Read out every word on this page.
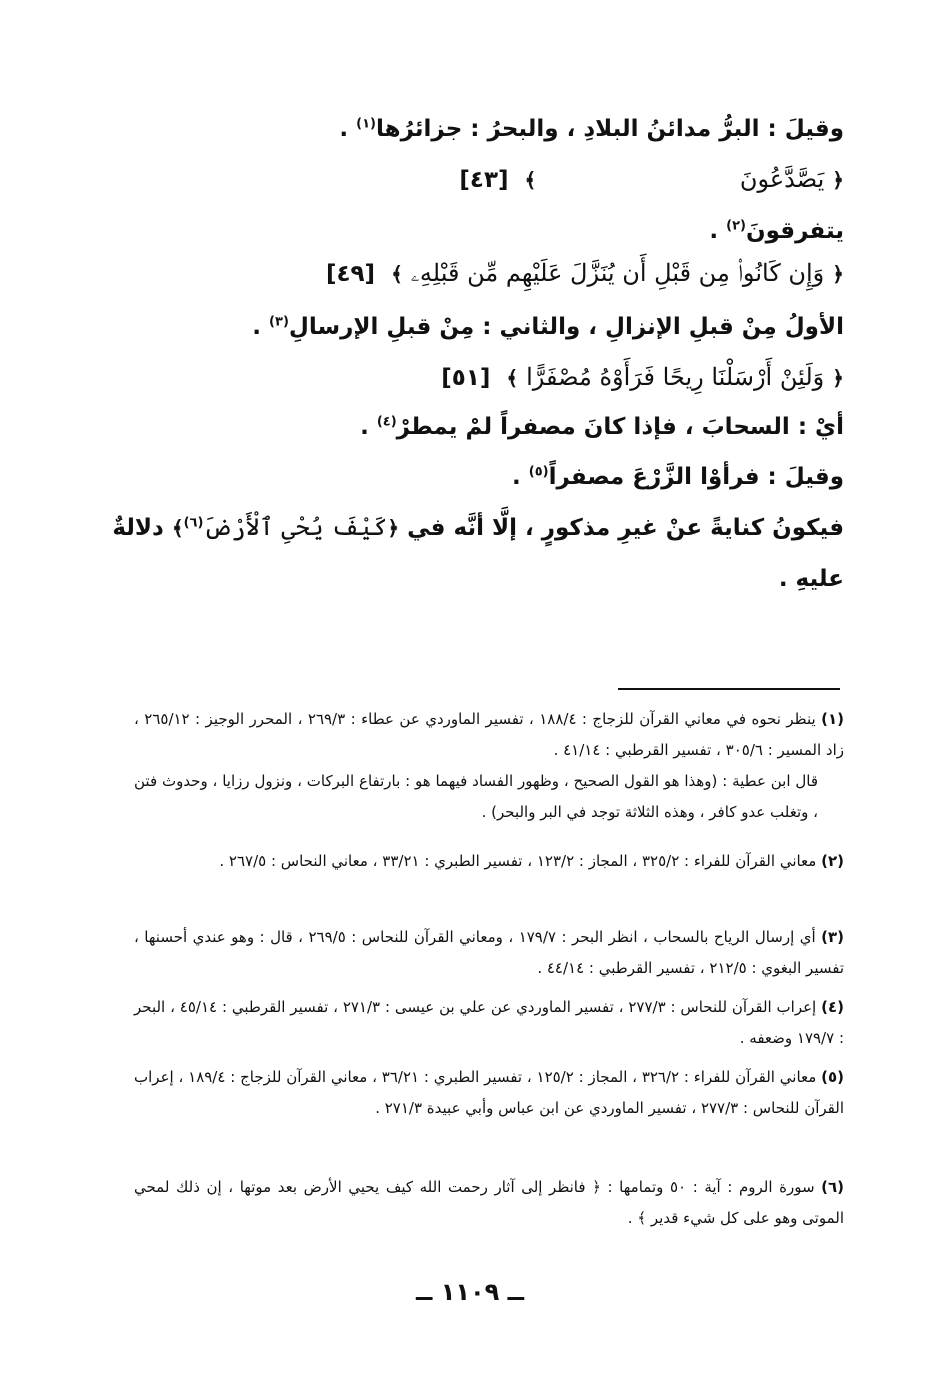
وقيلَ : البرُّ مدائنُ البلادِ ، والبحرُ : جزائرُها$^{(١)}$ .
﴿ يَصَّدَّعُونَ ﴾ [٤٣]
يتفرقونَ$^{(٢)}$ .
﴿ وَإِن كَانُوا۟ مِن قَبْلِ أَن يُنَزَّلَ عَلَيْهِم مِّن قَبْلِهِۦ ﴾ [٤٩]
الأولُ مِنْ قبلِ الإنزالِ ، والثاني : مِنْ قبلِ الإرسالِ$^{(٣)}$ .
﴿ وَلَئِنْ أَرْسَلْنَا رِيحًا فَرَأَوْهُ مُصْفَرًّا ﴾ [٥١]
أيْ : السحابَ ، فإذا كانَ مصفراً لمْ يمطرْ$^{(٤)}$ .
وقيلَ : فرأوْا الزَّرْعَ مصفراً$^{(٥)}$ .
فيكونُ كنايةً عنْ غيرِ مذكورٍ ، إلَّا أنَّه في ﴿كَيْفَ يُحْىِ ٱلْأَرْضَ$^{(٦)}$﴾ دلالةٌ
عليهِ .
(١) ينظر نحوه في معاني القرآن للزجاج : ١٨٨/٤ ، تفسير الماوردي عن عطاء : ٢٦٩/٣ ، المحرر الوجيز : ٢٦٥/١٢ ، زاد المسير : ٣٠٥/٦ ، تفسير القرطبي : ٤١/١٤ .
قال ابن عطية : (وهذا هو القول الصحيح ، وظهور الفساد فيهما هو : بارتفاع البركات ، ونزول رزايا ، وحدوث فتن ، وتغلب عدو كافر ، وهذه الثلاثة توجد في البر والبحر) .
(٢) معاني القرآن للفراء : ٣٢٥/٢ ، المجاز : ١٢٣/٢ ، تفسير الطبري : ٣٣/٢١ ، معاني النحاس : ٢٦٧/٥ .
(٣) أي إرسال الرياح بالسحاب ، انظر البحر : ١٧٩/٧ ، ومعاني القرآن للنحاس : ٢٦٩/٥ ، قال : وهو عندي أحسنها ، تفسير البغوي : ٢١٢/٥ ، تفسير القرطبي : ٤٤/١٤ .
(٤) إعراب القرآن للنحاس : ٢٧٧/٣ ، تفسير الماوردي عن علي بن عيسى : ٢٧١/٣ ، تفسير القرطبي : ٤٥/١٤ ، البحر : ١٧٩/٧ وضعفه .
(٥) معاني القرآن للفراء : ٣٢٦/٢ ، المجاز : ١٢٥/٢ ، تفسير الطبري : ٣٦/٢١ ، معاني القرآن للزجاج : ١٨٩/٤ ، إعراب القرآن للنحاس : ٢٧٧/٣ ، تفسير الماوردي عن ابن عباس وأبي عبيدة ٢٧١/٣ .
(٦) سورة الروم : آية : ٥٠ وتمامها : ﴿ فانظر إلى آثار رحمت الله كيف يحيي الأرض بعد موتها ، إن ذلك لمحي الموتى وهو على كل شيء قدير ﴾ .
ــ ١١٠٩ ــ
